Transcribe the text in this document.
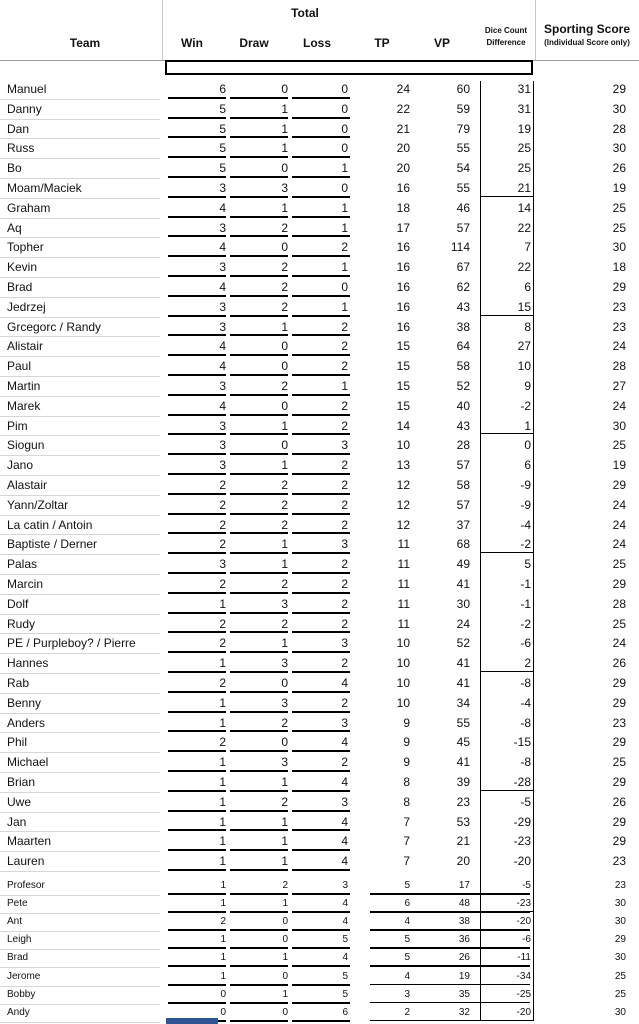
Total
Team	Win	Draw	Loss	TP	VP
Dice Count
Difference
Sporting Score
(Individual Score only)
Manuel	6	0	0	24	60	31	29
Danny	5	1	0	22	59	31	30
Dan	5	1	0	21	79	19	28
Russ	5	1	0	20	55	25	30
Bo	5	0	1	20	54	25	26
Moam/Maciek	3	3	0	16	55	21	19
Graham	4	1	1	18	46	14	25
Aq	3	2	1	17	57	22	25
Topher	4	0	2	16	114	7	30
Kevin	3	2	1	16	67	22	18
Brad	4	2	0	16	62	6	29
Jedrzej	3	2	1	16	43	15	23
Grcegorc / Randy	3	1	2	16	38	8	23
Alistair	4	0	2	15	64	27	24
Paul	4	0	2	15	58	10	28
Martin	3	2	1	15	52	9	27
Marek	4	0	2	15	40	-2	24
Pim	3	1	2	14	43	1	30
Siogun	3	0	3	10	28	0	25
Jano	3	1	2	13	57	6	19
Alastair	2	2	2	12	58	-9	29
Yann/Zoltar	2	2	2	12	57	-9	24
La catin / Antoin	2	2	2	12	37	-4	24
Baptiste / Derner	2	1	3	11	68	-2	24
Palas	3	1	2	11	49	5	25
Marcin	2	2	2	11	41	-1	29
Dolf	1	3	2	11	30	-1	28
Rudy	2	2	2	11	24	-2	25
PE / Purpleboy? / Pierre	2	1	3	10	52	-6	24
Hannes	1	3	2	10	41	2	26
Rab	2	0	4	10	41	-8	29
Benny	1	3	2	10	34	-4	29
Anders	1	2	3	9	55	-8	23
Phil	2	0	4	9	45	-15	29
Michael	1	3	2	9	41	-8	25
Brian	1	1	4	8	39	-28	29
Uwe	1	2	3	8	23	-5	26
Jan	1	1	4	7	53	-29	29
Maarten	1	1	4	7	21	-23	29
Lauren	1	1	4	7	20	-20	23
Profesor	1	2	3	5	17	-5	23
Pete	1	1	4	6	48	-23	30
Ant	2	0	4	4	38	-20	30
Leigh	1	0	5	5	36	-6	29
Brad	1	1	4	5	26	-11	30
Jerome	1	0	5	4	19	-34	25
Bobby	0	1	5	3	35	-25	25
Andy	0	0	6	2	32	-20	30
